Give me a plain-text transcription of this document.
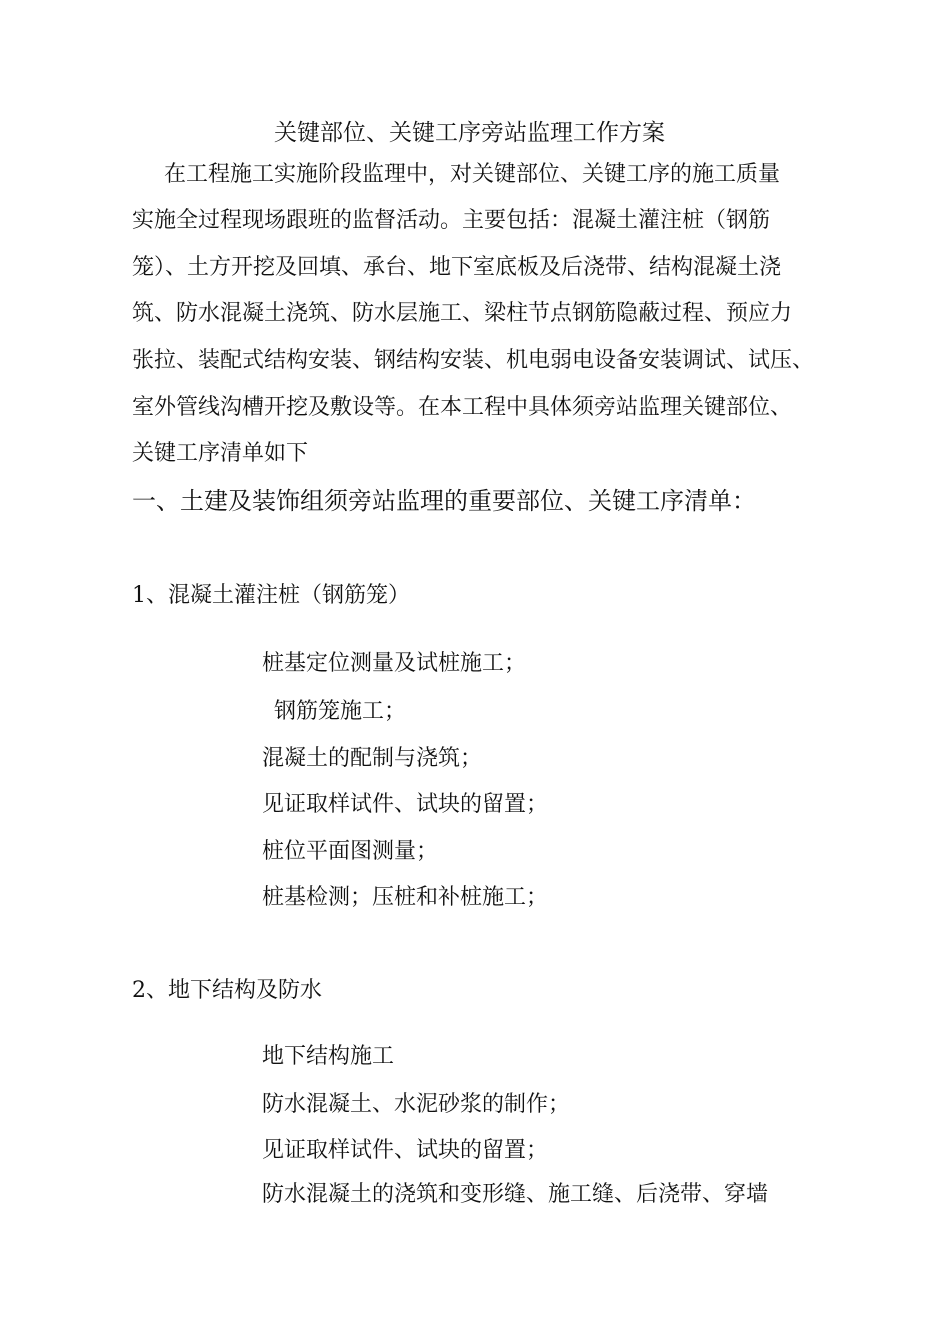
关键部位、关键工序旁站监理工作方案
在工程施工实施阶段监理中，对关键部位、关键工序的施工质量
实施全过程现场跟班的监督活动。主要包括：混凝土灌注桩（钢筋
笼）、土方开挖及回填、承台、地下室底板及后浇带、结构混凝土浇
筑、防水混凝土浇筑、防水层施工、梁柱节点钢筋隐蔽过程、预应力
张拉、装配式结构安装、钢结构安装、机电弱电设备安装调试、试压、
室外管线沟槽开挖及敷设等。在本工程中具体须旁站监理关键部位、
关键工序清单如下
一、土建及装饰组须旁站监理的重要部位、关键工序清单：
1、混凝土灌注桩（钢筋笼）
桩基定位测量及试桩施工；
钢筋笼施工；
混凝土的配制与浇筑；
见证取样试件、试块的留置；
桩位平面图测量；
桩基检测；压桩和补桩施工；
2、地下结构及防水
地下结构施工
防水混凝土、水泥砂浆的制作；
见证取样试件、试块的留置；
防水混凝土的浇筑和变形缝、施工缝、后浇带、穿墙
